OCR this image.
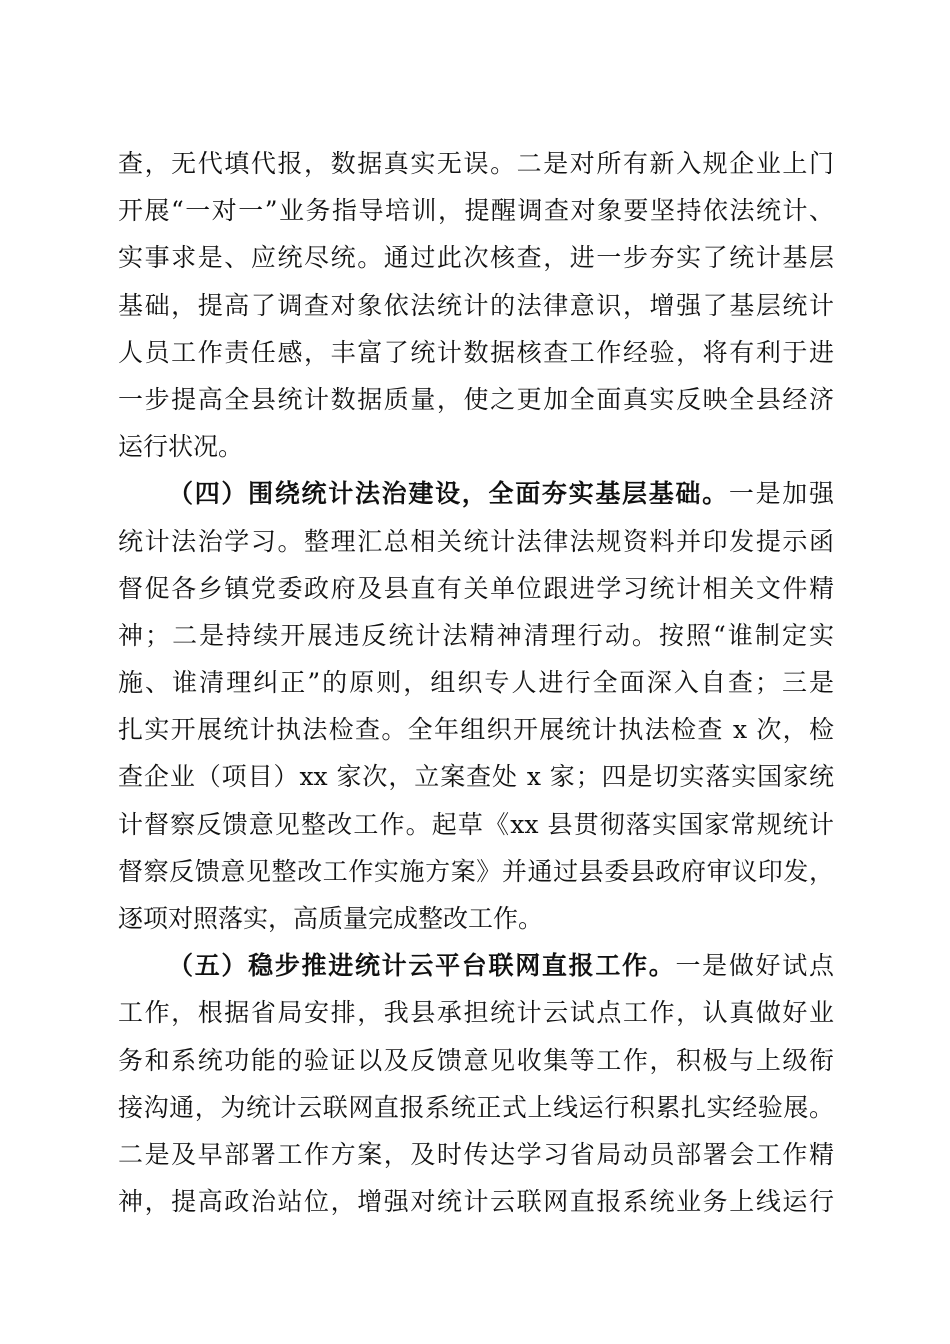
查，无代填代报，数据真实无误。二是对所有新入规企业上门
开展“一对一”业务指导培训，提醒调查对象要坚持依法统计、
实事求是、应统尽统。通过此次核查，进一步夯实了统计基层
基础，提高了调查对象依法统计的法律意识，增强了基层统计
人员工作责任感，丰富了统计数据核查工作经验，将有利于进
一步提高全县统计数据质量，使之更加全面真实反映全县经济
运行状况。
（四）围绕统计法治建设，全面夯实基层基础。一是加强
统计法治学习。整理汇总相关统计法律法规资料并印发提示函
督促各乡镇党委政府及县直有关单位跟进学习统计相关文件精
神；二是持续开展违反统计法精神清理行动。按照“谁制定实
施、谁清理纠正”的原则，组织专人进行全面深入自查；三是
扎实开展统计执法检查。全年组织开展统计执法检查 x 次，检
查企业（项目）xx 家次，立案查处 x 家；四是切实落实国家统
计督察反馈意见整改工作。起草《xx 县贯彻落实国家常规统计
督察反馈意见整改工作实施方案》并通过县委县政府审议印发，
逐项对照落实，高质量完成整改工作。
（五）稳步推进统计云平台联网直报工作。一是做好试点
工作，根据省局安排，我县承担统计云试点工作，认真做好业
务和系统功能的验证以及反馈意见收集等工作，积极与上级衔
接沟通，为统计云联网直报系统正式上线运行积累扎实经验展。
二是及早部署工作方案，及时传达学习省局动员部署会工作精
神，提高政治站位，增强对统计云联网直报系统业务上线运行
